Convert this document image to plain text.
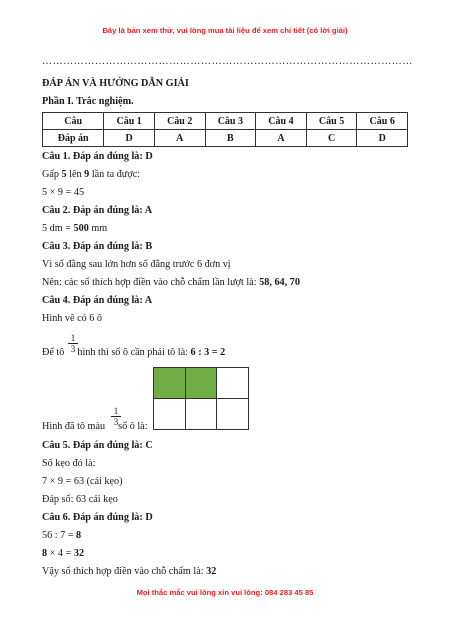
Đây là bản xem thử, vui lòng mua tài liệu để xem chi tiết (có lời giải)
……………………………………………………………………………………………
ĐÁP ÁN VÀ HƯỚNG DẪN GIẢI
Phần I. Trắc nghiệm.
Câu	Câu 1	Câu 2	Câu 3	Câu 4	Câu 5	Câu 6
Đáp án	D	A	B	A	C	D
Câu 1. Đáp án đúng là: D
Gấp 5 lên 9 lần ta được:
5 × 9 = 45
Câu 2. Đáp án đúng là: A
5 dm = 500 mm
Câu 3. Đáp án đúng là: B
Vì số đằng sau lớn hơn số đằng trước 6 đơn vị
Nên: các số thích hợp điền vào chỗ chấm lần lượt là: 58, 64, 70
Câu 4. Đáp án đúng là: A
Hình vẽ có 6 ô
$\frac{1}{3}$
Để tô hình thì số ô cần phải tô là: 6 : 3 = 2

$\frac{1}{3}$
Hình đã tô màu số ô là:
Câu 5. Đáp án đúng là: C
Số kẹo đó là:
7 × 9 = 63 (cái kẹo)
Đáp số: 63 cái kẹo
Câu 6. Đáp án đúng là: D
56 : 7 = 8
8 × 4 = 32
Vậy số thích hợp điền vào chỗ chấm là: 32
Mọi thắc mắc vui lòng xin vui lòng: 084 283 45 85
